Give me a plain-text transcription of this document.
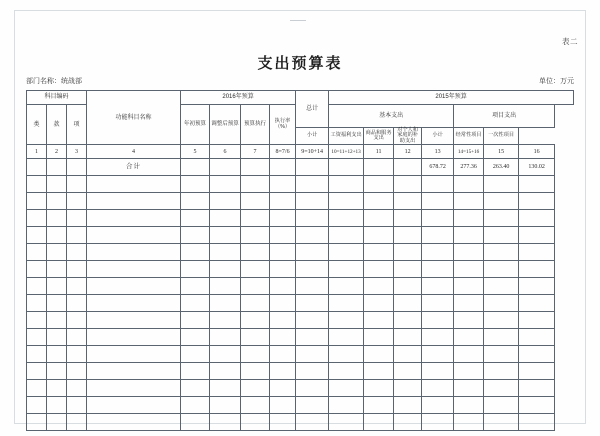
表二
支出预算表
部门名称：统战部	单位：万元
科目编码			功能科目名称	2016年预算				总计	2015年预算						
类	款	项		年初预算	调整后预算	预算执行	执行率（%）		基本支出				项目支出		

								小计	工资福利支出	商品和服务支出	对个人和家庭的补助支出	小计	经常性项目	一次性项目	

1	2	3	4	5	6	7	8=7/6	9=10+14	10=11+12+13	11	12	13	14=15+16	15	16
			合计									678.72	277.36	263.40	130.02
